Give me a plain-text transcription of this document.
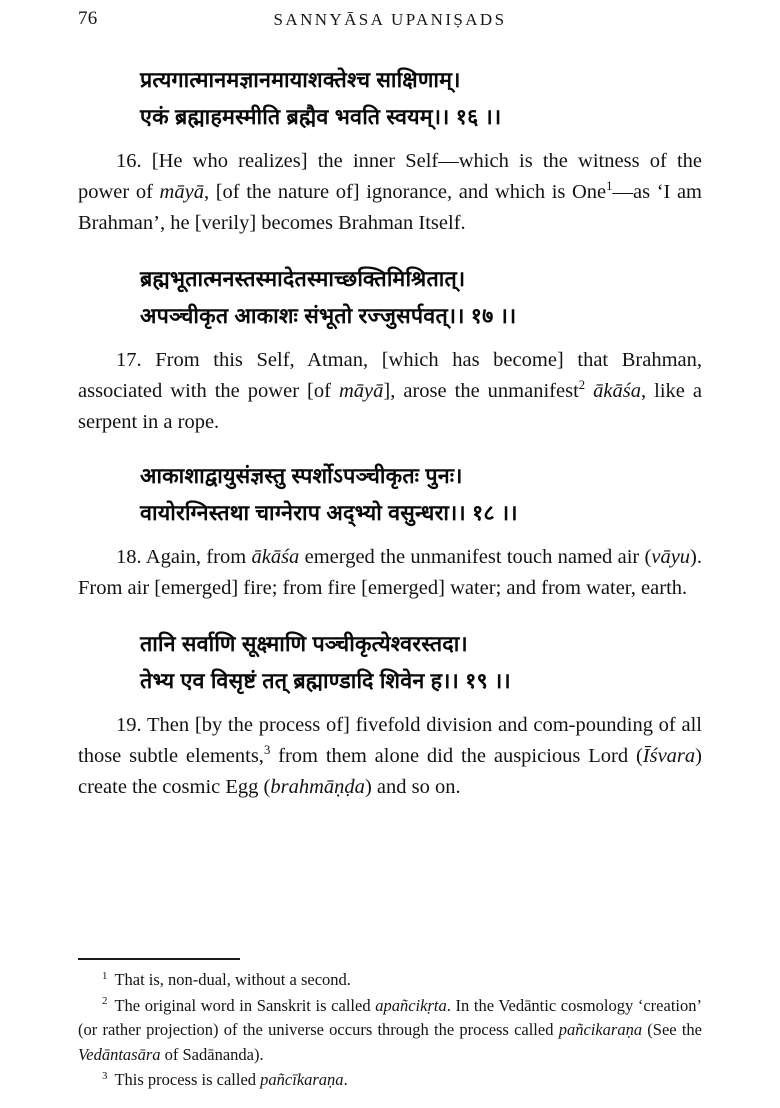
76	SANNYĀSA UPANIṢADS
प्रत्यगात्मानमज्ञानमायाशक्तेश्च साक्षिणाम्।
एकं ब्रह्माहमस्मीति ब्रह्मैव भवति स्वयम्।। १६ ।।

16. [He who realizes] the inner Self—which is the witness of the power of māyā, [of the nature of] ignorance, and which is One$^1$—as ‘I am Brahman’, he [verily] becomes Brahman Itself.

ब्रह्मभूतात्मनस्तस्मादेतस्माच्छक्तिमिश्रितात्।
अपञ्चीकृत आकाशः संभूतो रज्जुसर्पवत्।। १७ ।।

17. From this Self, Atman, [which has become] that Brahman, associated with the power [of māyā], arose the unmanifest$^2$ ākāśa, like a serpent in a rope.

आकाशाद्वायुसंज्ञस्तु स्पर्शोऽपञ्चीकृतः पुनः।
वायोरग्निस्तथा चाग्नेराप अद्भ्यो वसुन्धरा।। १८ ।।

18. Again, from ākāśa emerged the unmanifest touch named air (vāyu). From air [emerged] fire; from fire [emerged] water; and from water, earth.

तानि सर्वाणि सूक्ष्माणि पञ्चीकृत्येश्वरस्तदा।
तेभ्य एव विसृष्टं तत् ब्रह्माण्डादि शिवेन ह।। १९ ।।

19. Then [by the process of] fivefold division and com-pounding of all those subtle elements,$^3$ from them alone did the auspicious Lord (Īśvara) create the cosmic Egg (brahmāṇḍa) and so on.

$^1$ That is, non-dual, without a second.

$^2$ The original word in Sanskrit is called apañcikṛta. In the Vedāntic cosmology ‘creation’ (or rather projection) of the universe occurs through the process called pañcikaraṇa (See the Vedāntasāra of Sadānanda).

$^3$ This process is called pañcīkaraṇa.
